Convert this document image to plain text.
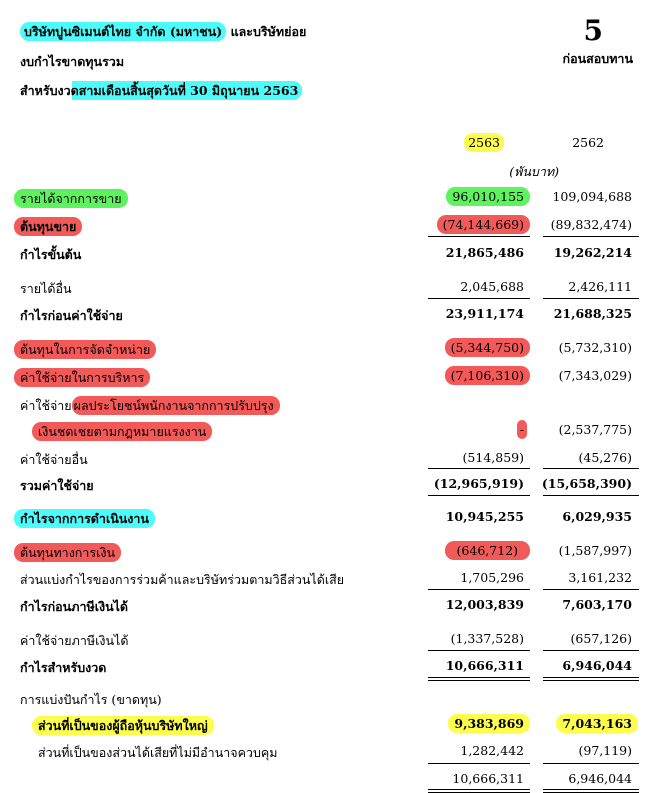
บริษัทปูนซิเมนต์ไทย จำกัด (มหาชน) และบริษัทย่อย
งบกำไรขาดทุนรวม
สำหรับงวดสามเดือนสิ้นสุดวันที่ 30 มิถุนายน 2563
5
ก่อนสอบทาน
2563	2562
(พันบาท)
รายได้จากการขาย	96,010,155 109,094,688
ต้นทุนขาย	(74,144,669) (89,832,474)
กำไรขั้นต้น	21,865,486 19,262,214
รายได้อื่น	2,045,688	2,426,111
กำไรก่อนค่าใช้จ่าย	23,911,174 21,688,325
ต้นทุนในการจัดจำหน่าย	(5,344,750)	(5,732,310)
ค่าใช้จ่ายในการบริหาร	(7,106,310)	(7,343,029)
ค่าใช้จ่าย ผลประโยชน์พนักงานจากการปรับปรุง
เงินชดเชยตามกฎหมายแรงงาน	-	(2,537,775)
ค่าใช้จ่ายอื่น	(514,859)	(45,276)
รวมค่าใช้จ่าย	(12,965,919) (15,658,390)
กำไรจากการดำเนินงาน	10,945,255	6,029,935
ต้นทุนทางการเงิน	(646,712)	(1,587,997)
ส่วนแบ่งกำไรของการร่วมค้าและบริษัทร่วมตามวิธีส่วนได้เสีย	1,705,296	3,161,232
กำไรก่อนภาษีเงินได้	12,003,839	7,603,170
ค่าใช้จ่ายภาษีเงินได้	(1,337,528)	(657,126)
กำไรสำหรับงวด	10,666,311	6,946,044
การแบ่งปันกำไร (ขาดทุน)
ส่วนที่เป็นของผู้ถือหุ้นบริษัทใหญ่	9,383,869	7,043,163
ส่วนที่เป็นของส่วนได้เสียที่ไม่มีอำนาจควบคุม	1,282,442	(97,119)
10,666,311	6,946,044
